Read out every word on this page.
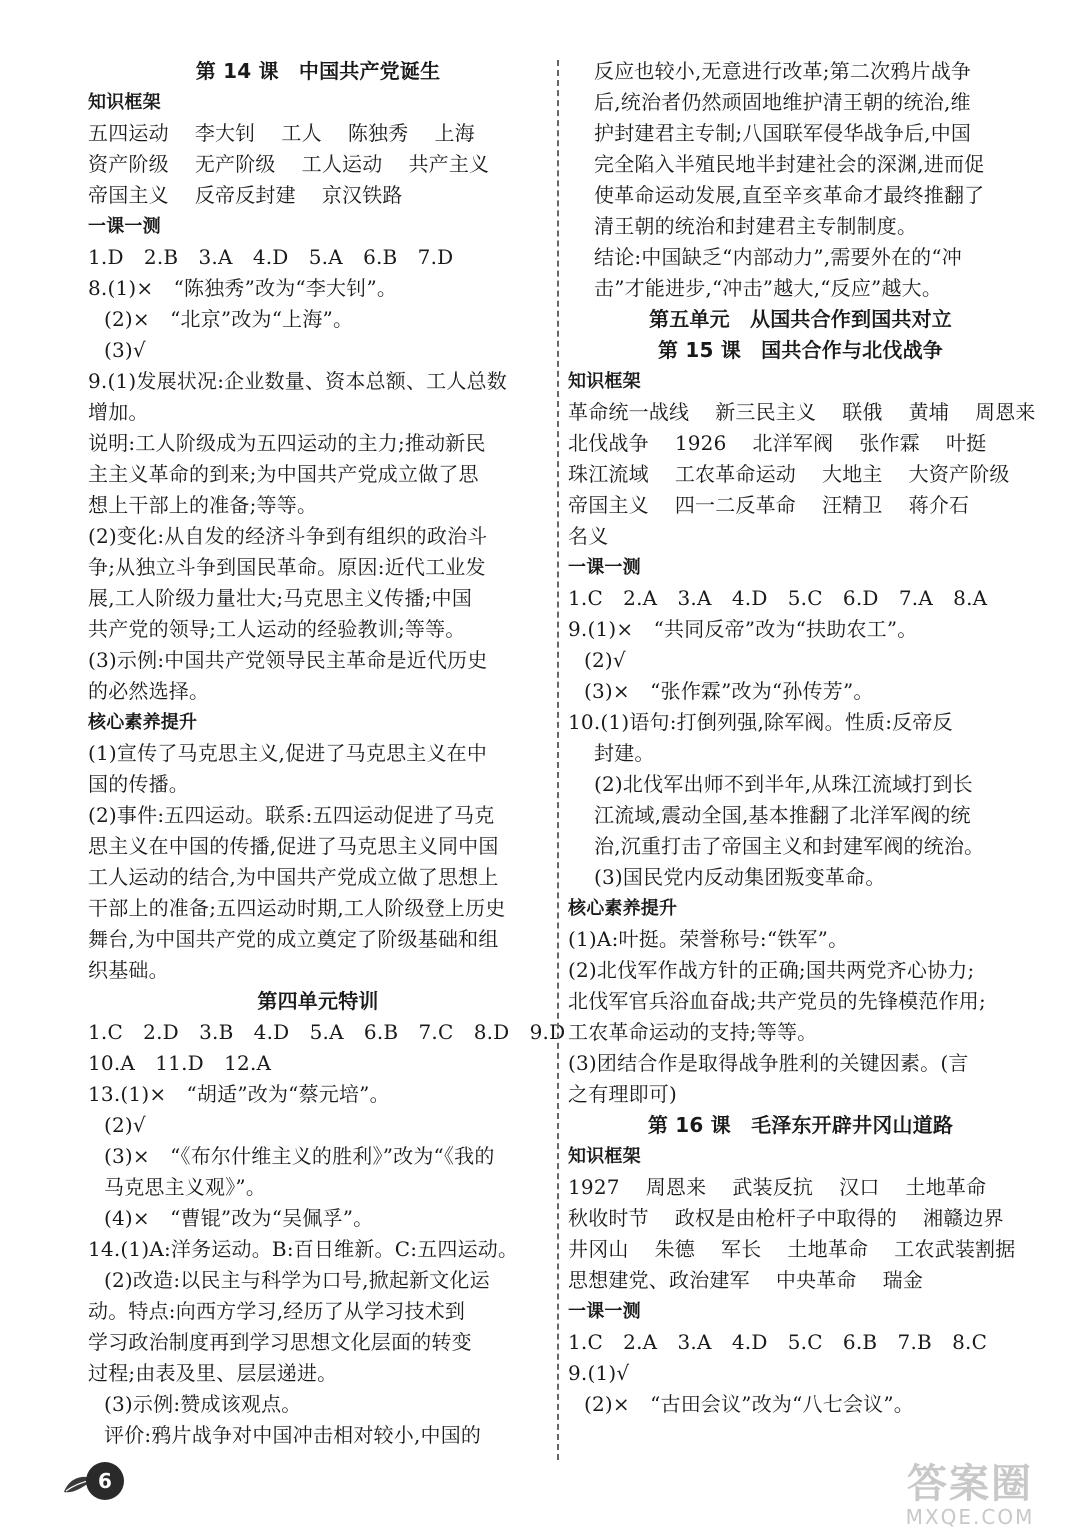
第 14 课　中国共产党诞生
知识框架
五四运动 李大钊 工人 陈独秀 上海
资产阶级 无产阶级 工人运动 共产主义
帝国主义 反帝反封建 京汉铁路
一课一测
1.D　2.B　3.A　4.D　5.A　6.B　7.D
8.(1)×　“陈独秀”改为“李大钊”。
(2)×　“北京”改为“上海”。
(3)√
9.(1)发展状况:企业数量、资本总额、工人总数
增加。
说明:工人阶级成为五四运动的主力;推动新民
主主义革命的到来;为中国共产党成立做了思
想上干部上的准备;等等。
(2)变化:从自发的经济斗争到有组织的政治斗
争;从独立斗争到国民革命。原因:近代工业发
展,工人阶级力量壮大;马克思主义传播;中国
共产党的领导;工人运动的经验教训;等等。
(3)示例:中国共产党领导民主革命是近代历史
的必然选择。
核心素养提升
(1)宣传了马克思主义,促进了马克思主义在中
国的传播。
(2)事件:五四运动。联系:五四运动促进了马克
思主义在中国的传播,促进了马克思主义同中国
工人运动的结合,为中国共产党成立做了思想上
干部上的准备;五四运动时期,工人阶级登上历史
舞台,为中国共产党的成立奠定了阶级基础和组
织基础。
第四单元特训
1.C　2.D　3.B　4.D　5.A　6.B　7.C　8.D　9.D
10.A　11.D　12.A
13.(1)×　“胡适”改为“蔡元培”。
(2)√
(3)×　“《布尔什维主义的胜利》”改为“《我的
马克思主义观》”。
(4)×　“曹锟”改为“吴佩孚”。
14.(1)A:洋务运动。B:百日维新。C:五四运动。
(2)改造:以民主与科学为口号,掀起新文化运
动。特点:向西方学习,经历了从学习技术到
学习政治制度再到学习思想文化层面的转变
过程;由表及里、层层递进。
(3)示例:赞成该观点。
评价:鸦片战争对中国冲击相对较小,中国的
反应也较小,无意进行改革;第二次鸦片战争
后,统治者仍然顽固地维护清王朝的统治,维
护封建君主专制;八国联军侵华战争后,中国
完全陷入半殖民地半封建社会的深渊,进而促
使革命运动发展,直至辛亥革命才最终推翻了
清王朝的统治和封建君主专制制度。
结论:中国缺乏“内部动力”,需要外在的“冲
击”才能进步,“冲击”越大,“反应”越大。
第五单元　从国共合作到国共对立
第 15 课　国共合作与北伐战争
知识框架
革命统一战线 新三民主义 联俄 黄埔 周恩来
北伐战争 1926 北洋军阀 张作霖 叶挺
珠江流域 工农革命运动 大地主 大资产阶级
帝国主义 四一二反革命 汪精卫 蒋介石
名义
一课一测
1.C　2.A　3.A　4.D　5.C　6.D　7.A　8.A
9.(1)×　“共同反帝”改为“扶助农工”。
(2)√
(3)×　“张作霖”改为“孙传芳”。
10.(1)语句:打倒列强,除军阀。性质:反帝反
封建。
(2)北伐军出师不到半年,从珠江流域打到长
江流域,震动全国,基本推翻了北洋军阀的统
治,沉重打击了帝国主义和封建军阀的统治。
(3)国民党内反动集团叛变革命。
核心素养提升
(1)A:叶挺。荣誉称号:“铁军”。
(2)北伐军作战方针的正确;国共两党齐心协力;
北伐军官兵浴血奋战;共产党员的先锋模范作用;
工农革命运动的支持;等等。
(3)团结合作是取得战争胜利的关键因素。(言
之有理即可)
第 16 课　毛泽东开辟井冈山道路
知识框架
1927 周恩来 武装反抗 汉口 土地革命
秋收时节 政权是由枪杆子中取得的 湘赣边界
井冈山 朱德 军长 土地革命 工农武装割据
思想建党、政治建军 中央革命 瑞金
一课一测
1.C　2.A　3.A　4.D　5.C　6.B　7.B　8.C
9.(1)√
(2)×　“古田会议”改为“八七会议”。
6	答案圈
MXQE.COM
